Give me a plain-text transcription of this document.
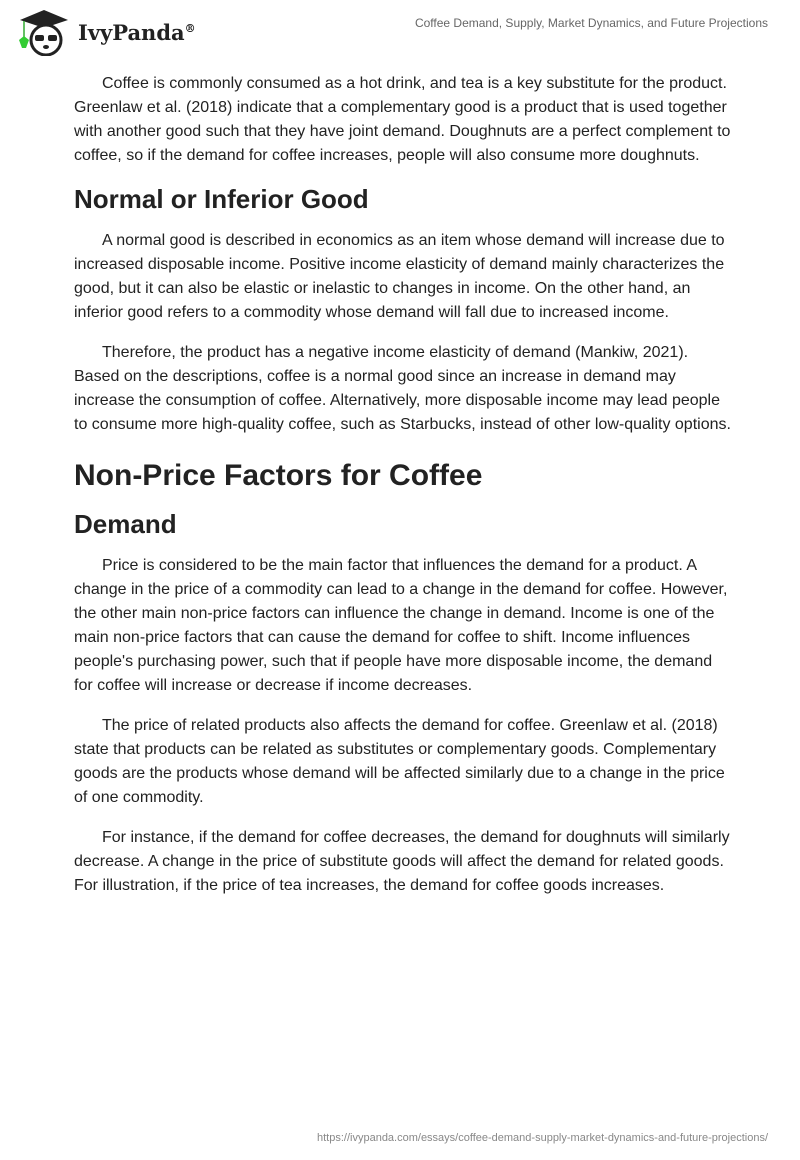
IvyPanda®	Coffee Demand, Supply, Market Dynamics, and Future Projections

Coffee is commonly consumed as a hot drink, and tea is a key substitute for the product. Greenlaw et al. (2018) indicate that a complementary good is a product that is used together with another good such that they have joint demand. Doughnuts are a perfect complement to coffee, so if the demand for coffee increases, people will also consume more doughnuts.

Normal or Inferior Good

A normal good is described in economics as an item whose demand will increase due to increased disposable income. Positive income elasticity of demand mainly characterizes the good, but it can also be elastic or inelastic to changes in income. On the other hand, an inferior good refers to a commodity whose demand will fall due to increased income.

Therefore, the product has a negative income elasticity of demand (Mankiw, 2021). Based on the descriptions, coffee is a normal good since an increase in demand may increase the consumption of coffee. Alternatively, more disposable income may lead people to consume more high-quality coffee, such as Starbucks, instead of other low-quality options.

Non-Price Factors for Coffee
Demand

Price is considered to be the main factor that influences the demand for a product. A change in the price of a commodity can lead to a change in the demand for coffee. However, the other main non-price factors can influence the change in demand. Income is one of the main non-price factors that can cause the demand for coffee to shift. Income influences people's purchasing power, such that if people have more disposable income, the demand for coffee will increase or decrease if income decreases.

The price of related products also affects the demand for coffee. Greenlaw et al. (2018) state that products can be related as substitutes or complementary goods. Complementary goods are the products whose demand will be affected similarly due to a change in the price of one commodity.

For instance, if the demand for coffee decreases, the demand for doughnuts will similarly decrease. A change in the price of substitute goods will affect the demand for related goods. For illustration, if the price of tea increases, the demand for coffee goods increases.

https://ivypanda.com/essays/coffee-demand-supply-market-dynamics-and-future-projections/
